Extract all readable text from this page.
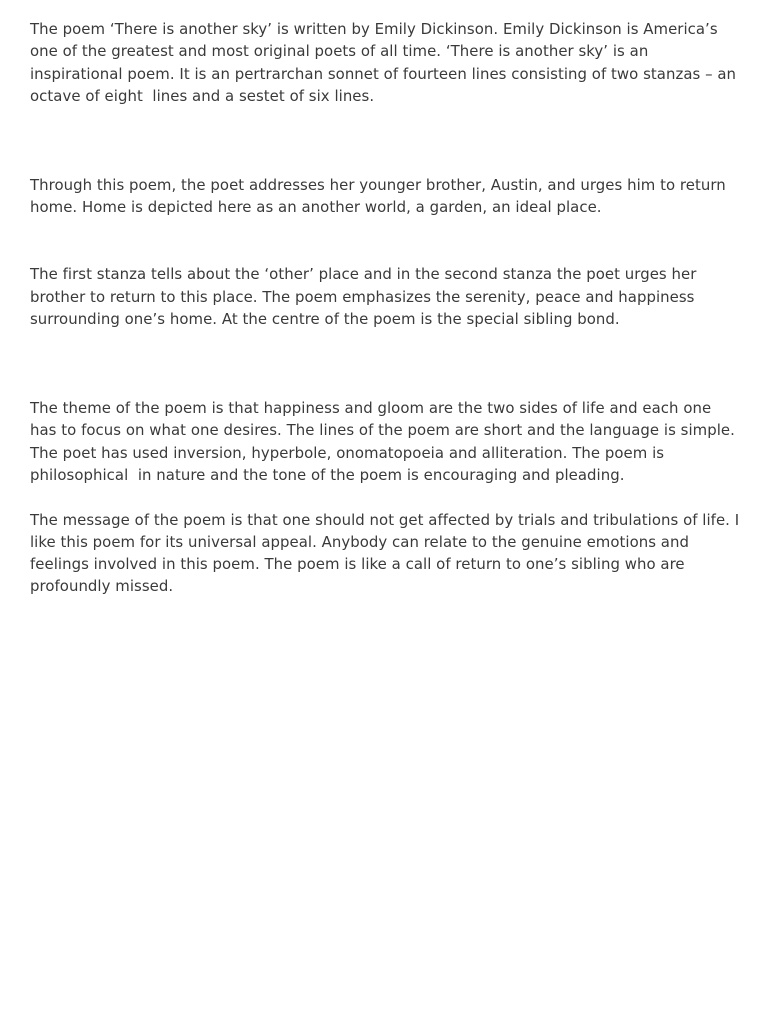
The poem ‘There is another sky’ is written by Emily Dickinson. Emily Dickinson is America’s one of the greatest and most original poets of all time. ‘There is another sky’ is an inspirational poem. It is an pertrarchan sonnet of fourteen lines consisting of two stanzas – an octave of eight  lines and a sestet of six lines.

Through this poem, the poet addresses her younger brother, Austin, and urges him to return home. Home is depicted here as an another world, a garden, an ideal place.

The first stanza tells about the ‘other’ place and in the second stanza the poet urges her brother to return to this place. The poem emphasizes the serenity, peace and happiness surrounding one’s home. At the centre of the poem is the special sibling bond.

The theme of the poem is that happiness and gloom are the two sides of life and each one has to focus on what one desires. The lines of the poem are short and the language is simple. The poet has used inversion, hyperbole, onomatopoeia and alliteration. The poem is philosophical  in nature and the tone of the poem is encouraging and pleading.

The message of the poem is that one should not get affected by trials and tribulations of life. I like this poem for its universal appeal. Anybody can relate to the genuine emotions and feelings involved in this poem. The poem is like a call of return to one’s sibling who are profoundly missed.
